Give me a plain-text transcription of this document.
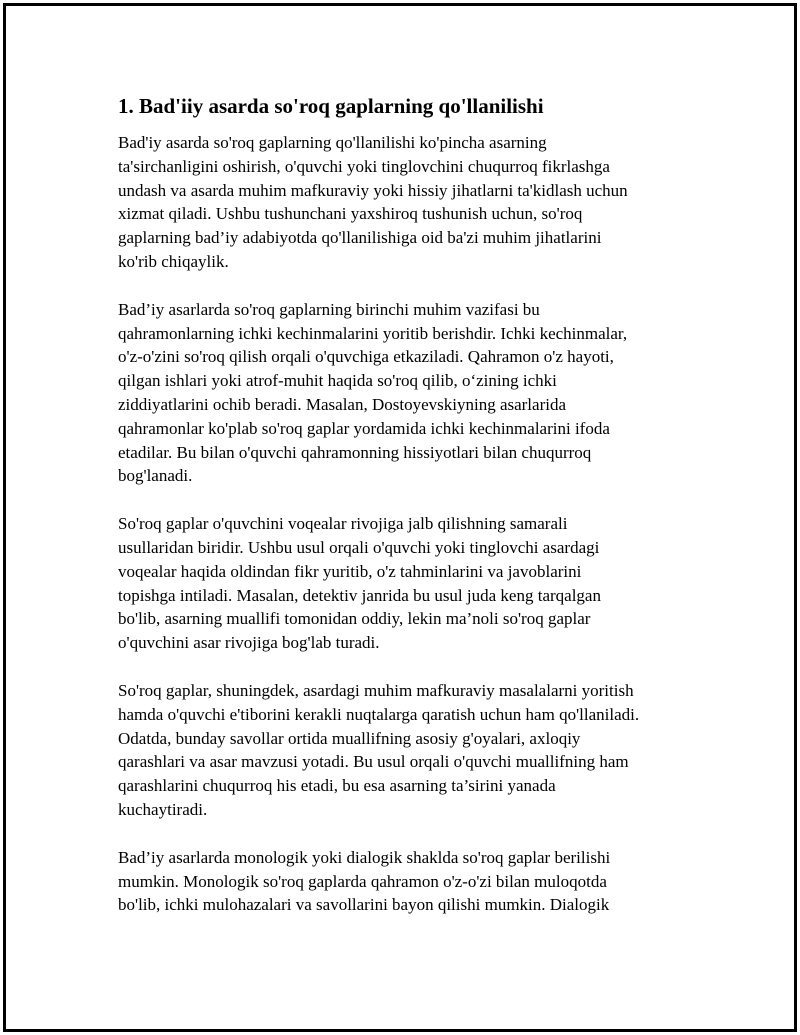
1. Bad'iiy asarda so'roq gaplarning qo'llanilishi

Bad'iy asarda so'roq gaplarning qo'llanilishi ko'pincha asarning
ta'sirchanligini oshirish, o'quvchi yoki tinglovchini chuqurroq fikrlashga
undash va asarda muhim mafkuraviy yoki hissiy jihatlarni ta'kidlash uchun
xizmat qiladi. Ushbu tushunchani yaxshiroq tushunish uchun, so'roq
gaplarning bad’iy adabiyotda qo'llanilishiga oid ba'zi muhim jihatlarini
ko'rib chiqaylik.

Bad’iy asarlarda so'roq gaplarning birinchi muhim vazifasi bu
qahramonlarning ichki kechinmalarini yoritib berishdir. Ichki kechinmalar,
o'z-o'zini so'roq qilish orqali o'quvchiga etkaziladi. Qahramon o'z hayoti,
qilgan ishlari yoki atrof-muhit haqida so'roq qilib, o‘zining ichki
ziddiyatlarini ochib beradi. Masalan, Dostoyevskiyning asarlarida
qahramonlar ko'plab so'roq gaplar yordamida ichki kechinmalarini ifoda
etadilar. Bu bilan o'quvchi qahramonning hissiyotlari bilan chuqurroq
bog'lanadi.

So'roq gaplar o'quvchini voqealar rivojiga jalb qilishning samarali
usullaridan biridir. Ushbu usul orqali o'quvchi yoki tinglovchi asardagi
voqealar haqida oldindan fikr yuritib, o'z tahminlarini va javoblarini
topishga intiladi. Masalan, detektiv janrida bu usul juda keng tarqalgan
bo'lib, asarning muallifi tomonidan oddiy, lekin ma’noli so'roq gaplar
o'quvchini asar rivojiga bog'lab turadi.

So'roq gaplar, shuningdek, asardagi muhim mafkuraviy masalalarni yoritish
hamda o'quvchi e'tiborini kerakli nuqtalarga qaratish uchun ham qo'llaniladi.
Odatda, bunday savollar ortida muallifning asosiy g'oyalari, axloqiy
qarashlari va asar mavzusi yotadi. Bu usul orqali o'quvchi muallifning ham
qarashlarini chuqurroq his etadi, bu esa asarning ta’sirini yanada
kuchaytiradi.

Bad’iy asarlarda monologik yoki dialogik shaklda so'roq gaplar berilishi
mumkin. Monologik so'roq gaplarda qahramon o'z-o'zi bilan muloqotda
bo'lib, ichki mulohazalari va savollarini bayon qilishi mumkin. Dialogik
